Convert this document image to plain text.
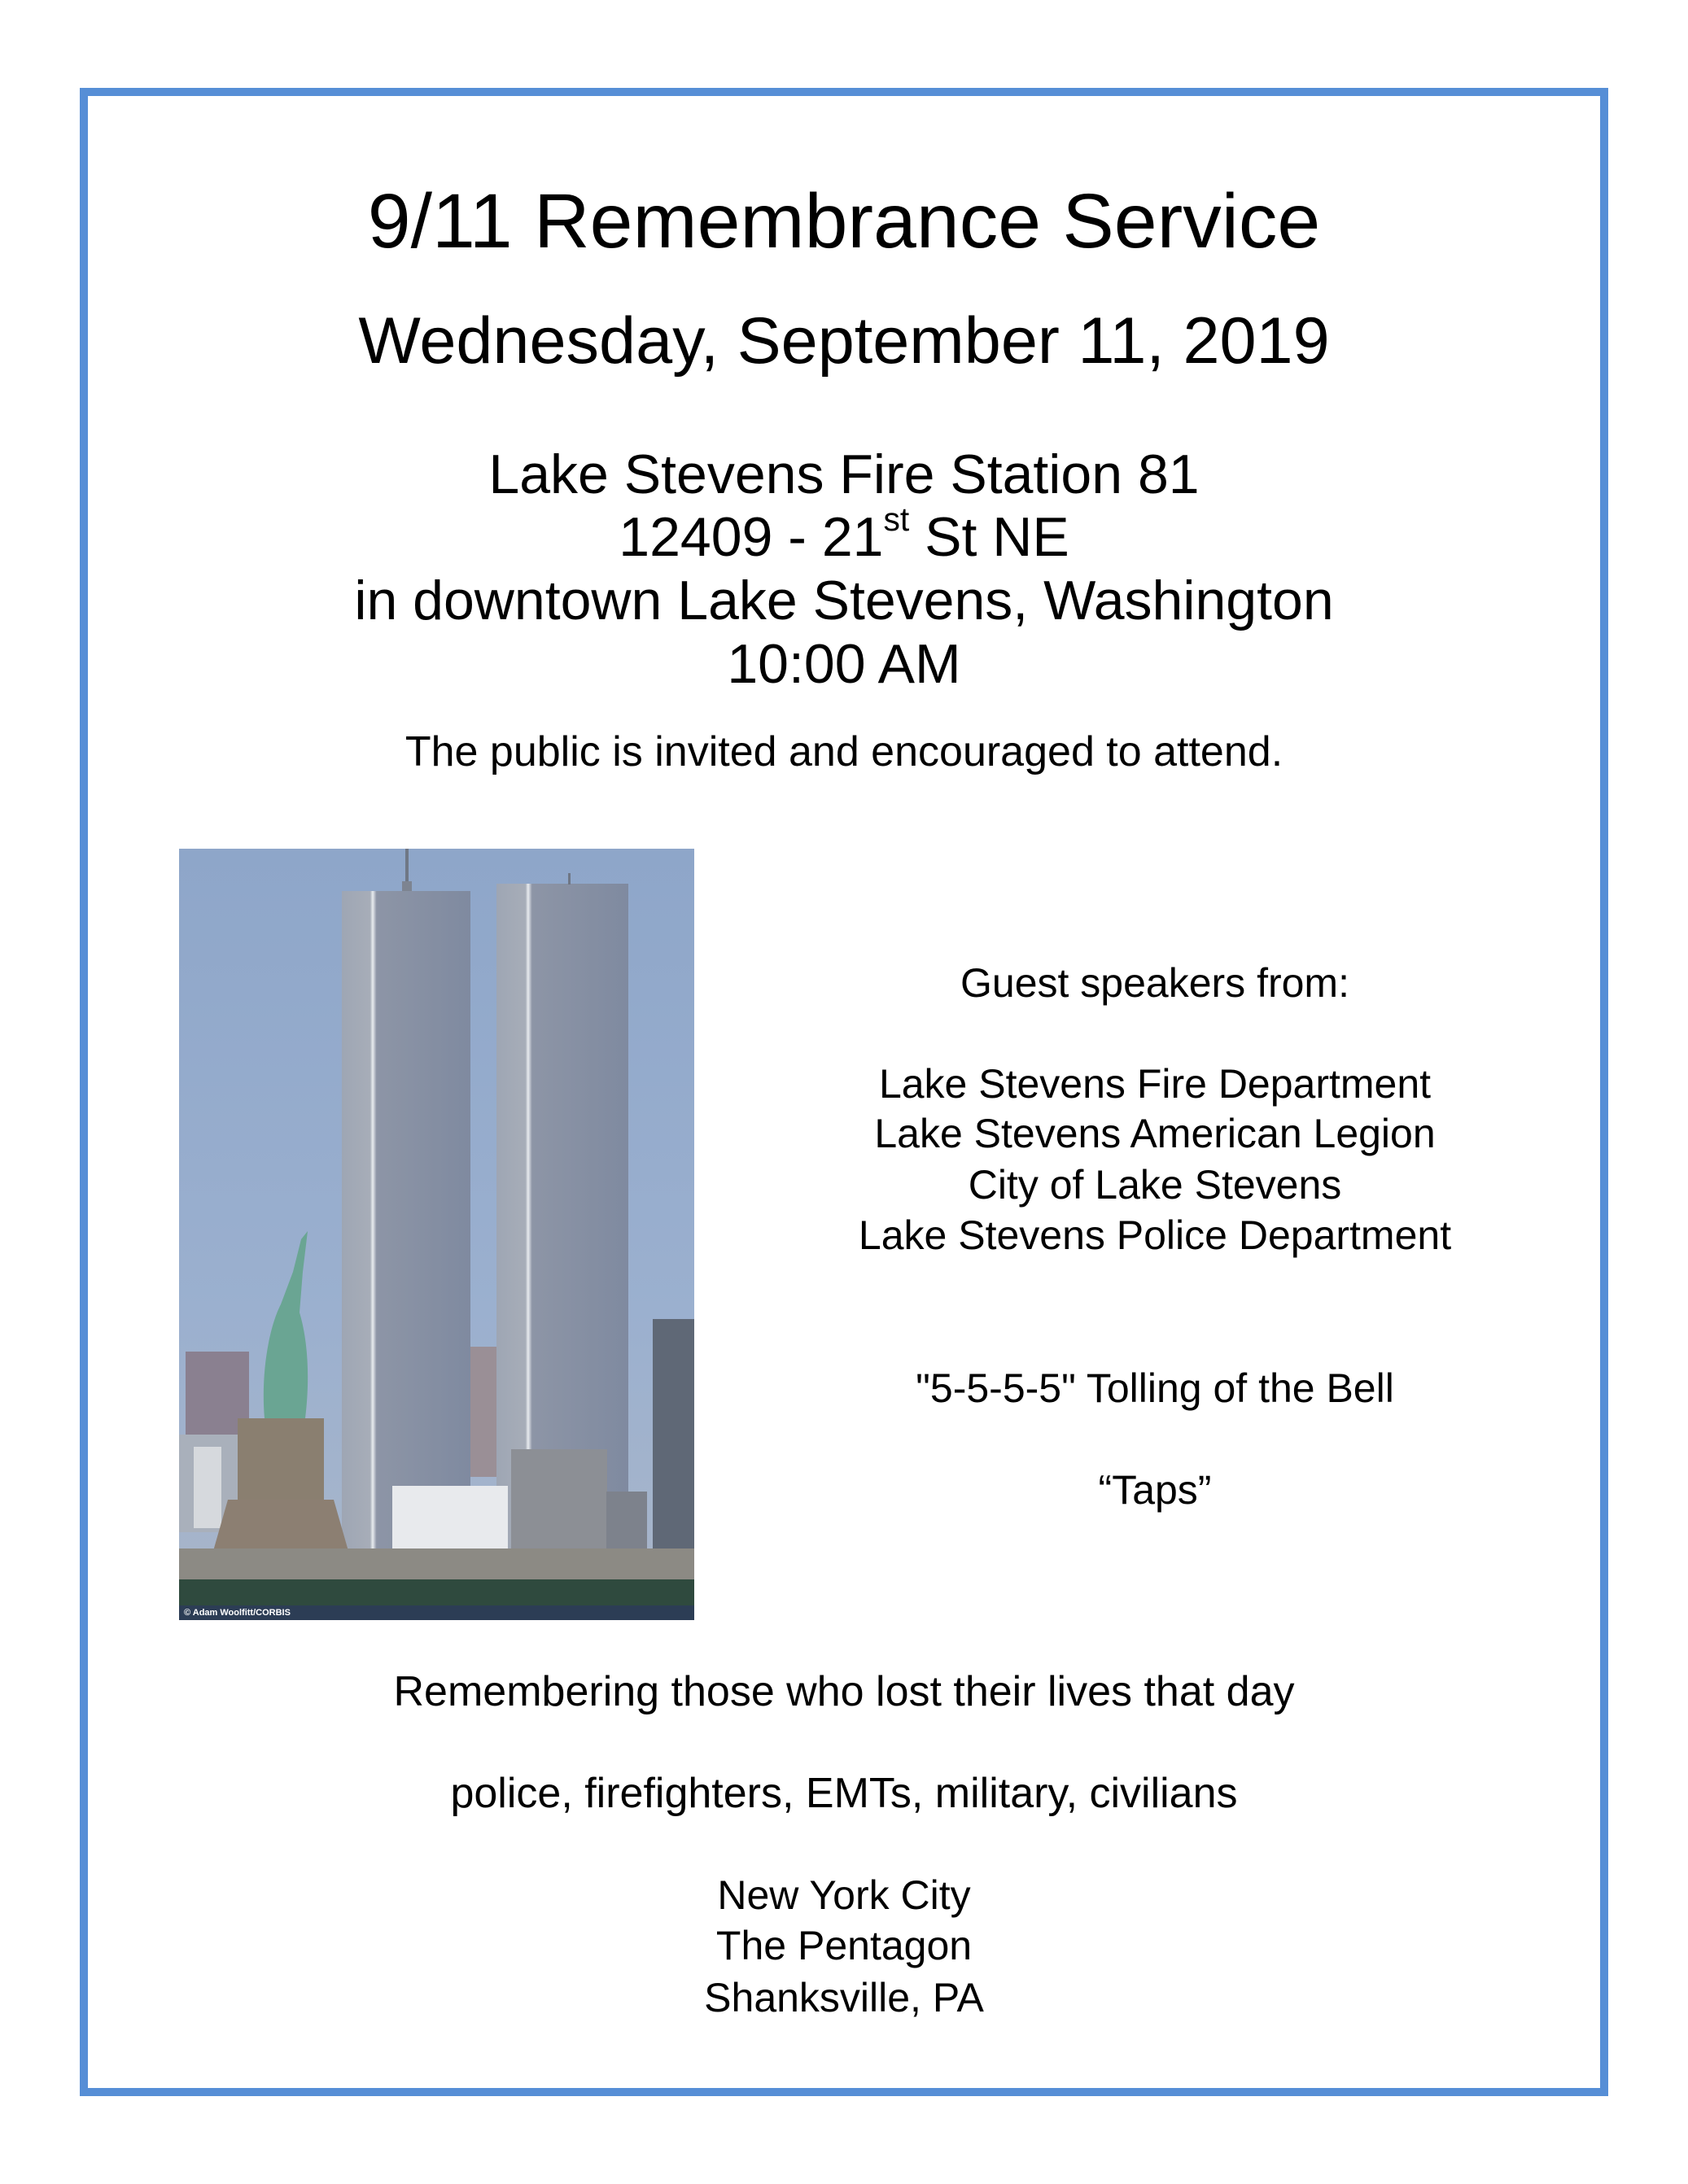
9/11 Remembrance Service
Wednesday, September 11, 2019
Lake Stevens Fire Station 81
12409 - 21st St NE
in downtown Lake Stevens, Washington
10:00 AM
The public is invited and encouraged to attend.
© Adam Woolfitt/CORBIS
Guest speakers from:
Lake Stevens Fire Department
Lake Stevens American Legion
City of Lake Stevens
Lake Stevens Police Department
"5-5-5-5" Tolling of the Bell
“Taps”
Remembering those who lost their lives that day
police, firefighters, EMTs, military, civilians
New York City
The Pentagon
Shanksville, PA
